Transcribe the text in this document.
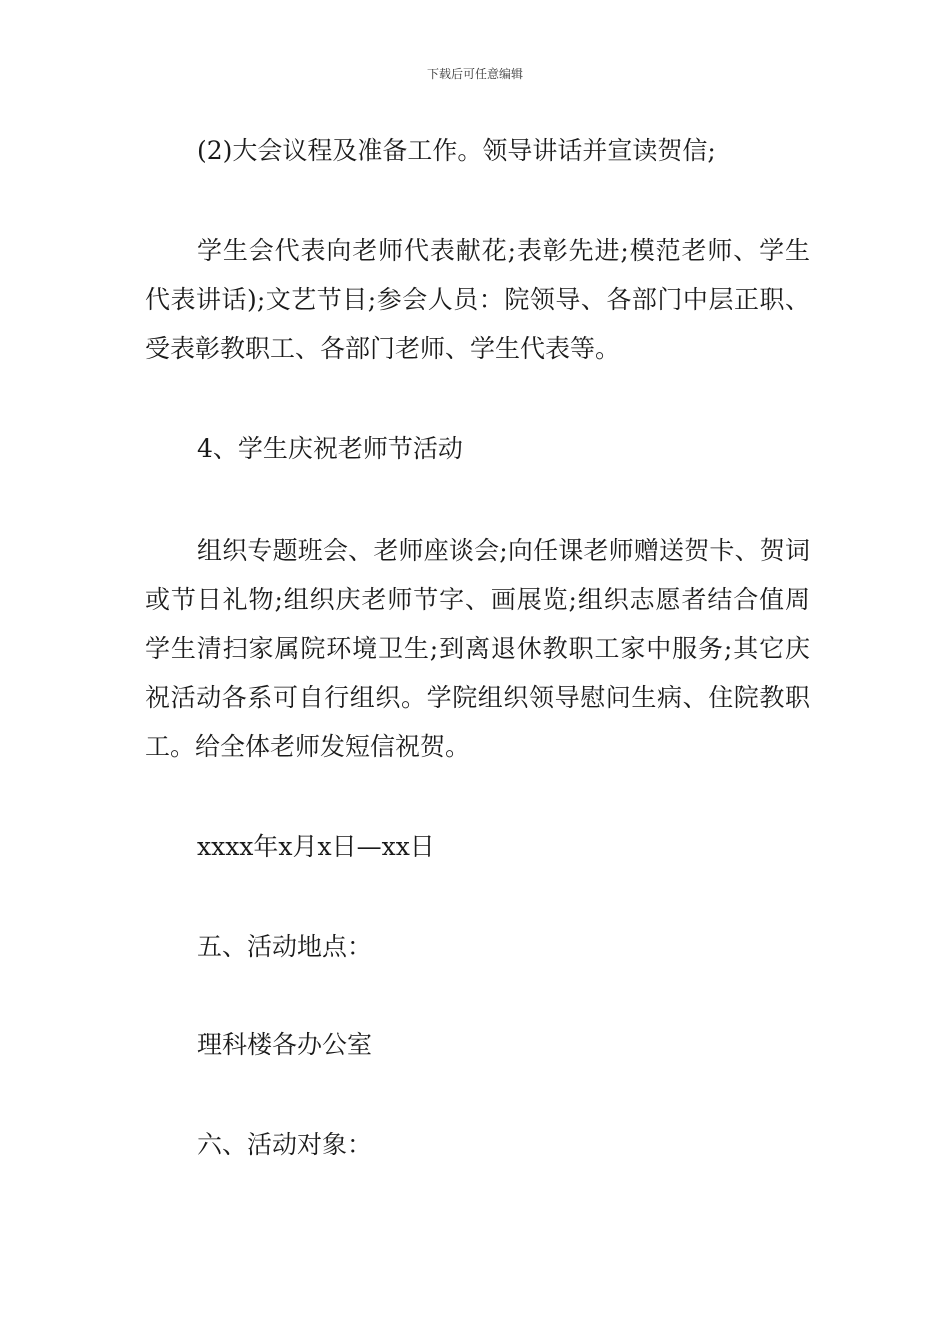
下载后可任意编辑

(2)大会议程及准备工作。领导讲话并宣读贺信;

学生会代表向老师代表献花;表彰先进;模范老师、学生代表讲话);文艺节目;参会人员：院领导、各部门中层正职、受表彰教职工、各部门老师、学生代表等。

4、学生庆祝老师节活动

组织专题班会、老师座谈会;向任课老师赠送贺卡、贺词或节日礼物;组织庆老师节字、画展览;组织志愿者结合值周学生清扫家属院环境卫生;到离退休教职工家中服务;其它庆祝活动各系可自行组织。学院组织领导慰问生病、住院教职工。给全体老师发短信祝贺。

xxxx年x月x日—xx日

五、活动地点：

理科楼各办公室

六、活动对象：
